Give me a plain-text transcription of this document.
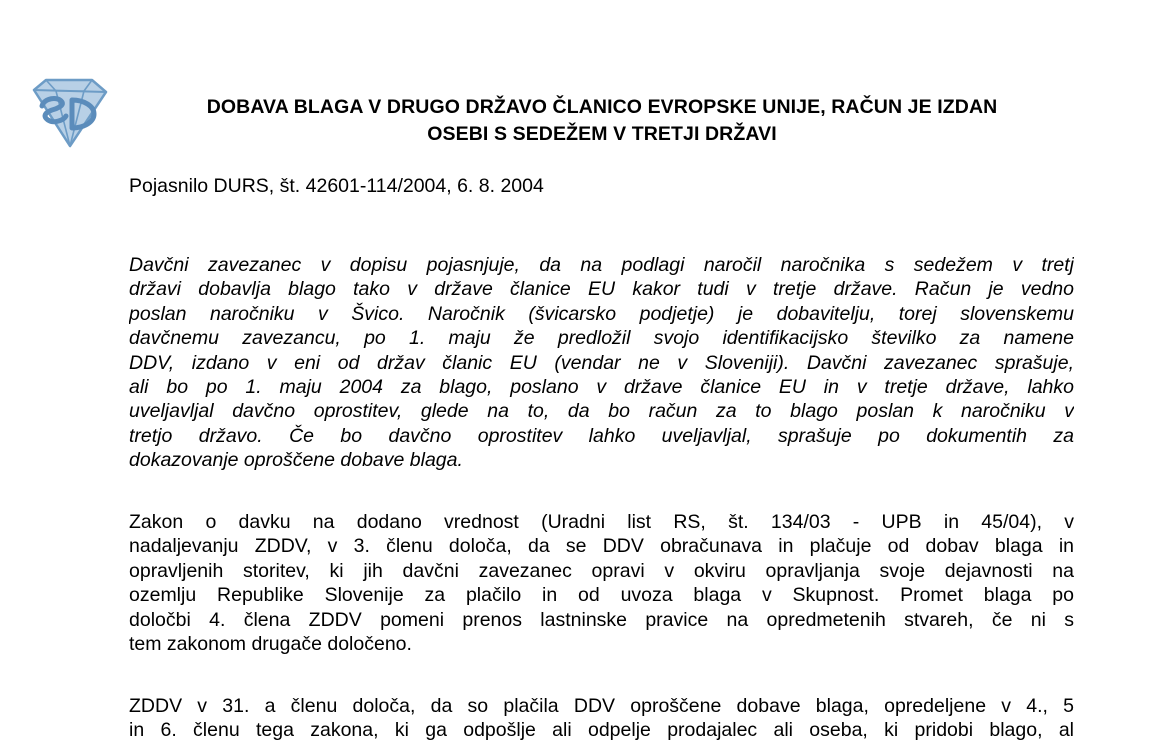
DOBAVA BLAGA V DRUGO DRŽAVO ČLANICO EVROPSKE UNIJE, RAČUN JE IZDAN
OSEBI S SEDEŽEM V TRETJI DRŽAVI
Pojasnilo DURS, št. 42601-114/2004, 6. 8. 2004
Davčni zavezanec v dopisu pojasnjuje, da na podlagi naročil naročnika s sedežem v tretj
državi dobavlja blago tako v države članice EU kakor tudi v tretje države. Račun je vedno
poslan naročniku v Švico. Naročnik (švicarsko podjetje) je dobavitelju, torej slovenskemu
davčnemu zavezancu, po 1. maju že predložil svojo identifikacijsko številko za namene
DDV, izdano v eni od držav članic EU (vendar ne v Sloveniji). Davčni zavezanec sprašuje,
ali bo po 1. maju 2004 za blago, poslano v države članice EU in v tretje države, lahko
uveljavljal davčno oprostitev, glede na to, da bo račun za to blago poslan k naročniku v
tretjo državo. Če bo davčno oprostitev lahko uveljavljal, sprašuje po dokumentih za
dokazovanje oproščene dobave blaga.
Zakon o davku na dodano vrednost (Uradni list RS, št. 134/03 - UPB in 45/04), v
nadaljevanju ZDDV, v 3. členu določa, da se DDV obračunava in plačuje od dobav blaga in
opravljenih storitev, ki jih davčni zavezanec opravi v okviru opravljanja svoje dejavnosti na
ozemlju Republike Slovenije za plačilo in od uvoza blaga v Skupnost. Promet blaga po
določbi 4. člena ZDDV pomeni prenos lastninske pravice na opredmetenih stvareh, če ni s
tem zakonom drugače določeno.
ZDDV v 31. a členu določa, da so plačila DDV oproščene dobave blaga, opredeljene v 4., 5
in 6. členu tega zakona, ki ga odpošlje ali odpelje prodajalec ali oseba, ki pridobi blago, al
